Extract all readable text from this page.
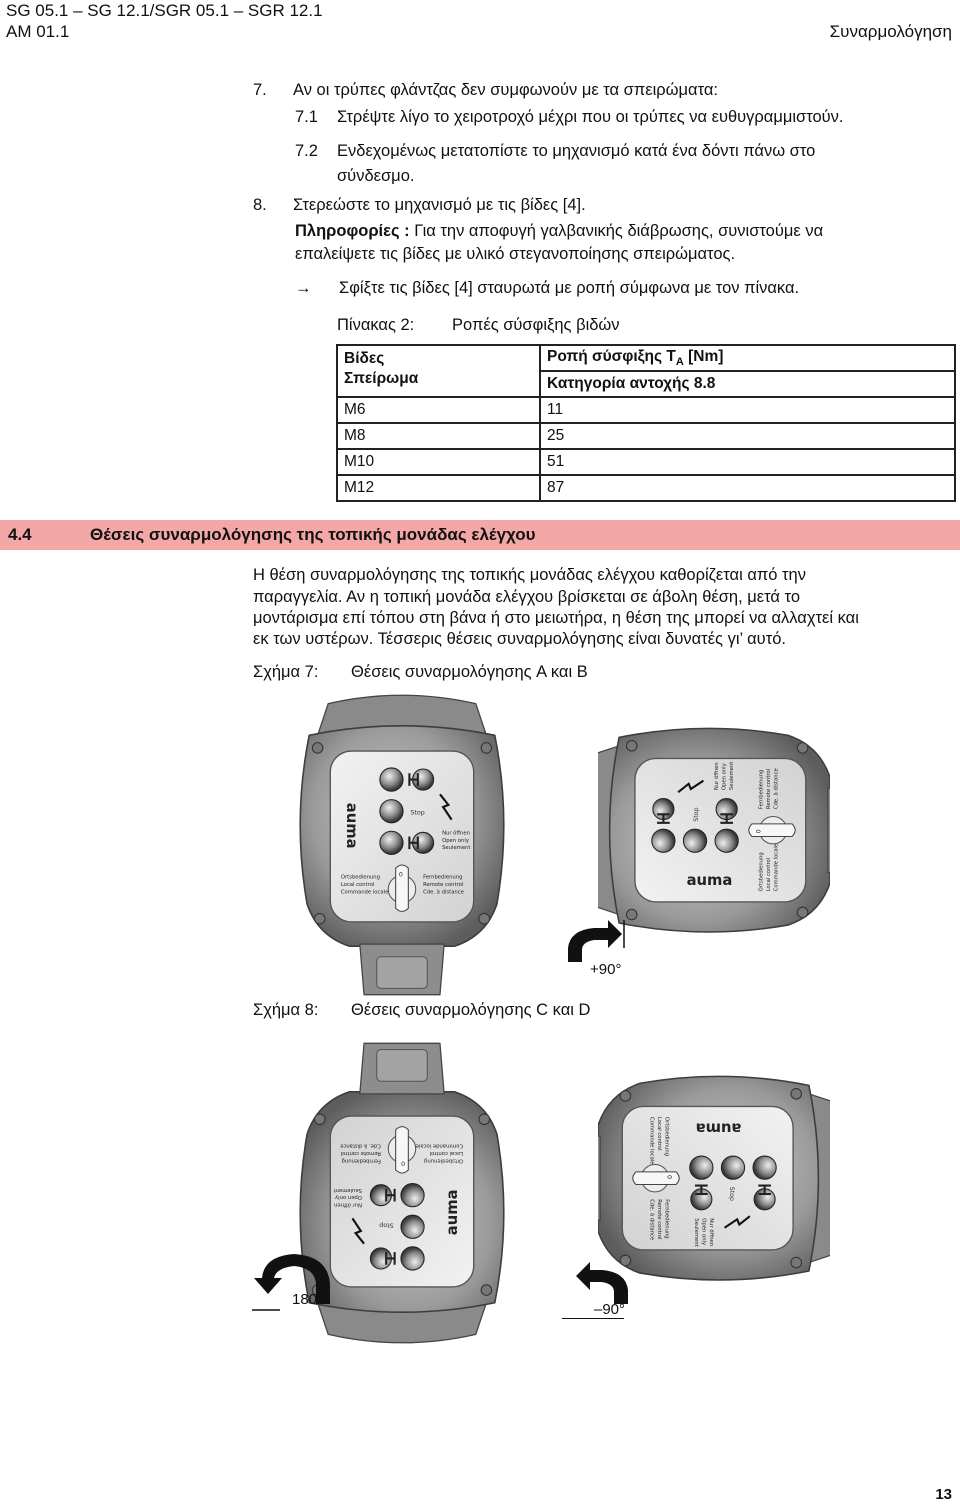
SG 05.1 – SG 12.1/SGR 05.1 – SGR 12.1
AM 01.1	Συναρμολόγηση
7. Αν οι τρύπες φλάντζας δεν συμφωνούν με τα σπειρώματα:
7.1 Στρέψτε λίγο το χειροτροχό μέχρι που οι τρύπες να ευθυγραμμιστούν.
7.2 Ενδεχομένως μετατοπίστε το μηχανισμό κατά ένα δόντι πάνω στο
σύνδεσμο.
8. Στερεώστε το μηχανισμό με τις βίδες [4].
Πληροφορίες : Για την αποφυγή γαλβανικής διάβρωσης, συνιστούμε να
επαλείψετε τις βίδες με υλικό στεγανοποίησης σπειρώματος.
→ Σφίξτε τις βίδες [4] σταυρωτά με ροπή σύμφωνα με τον πίνακα.
Πίνακας 2: Ροπές σύσφιξης βιδών
Βίδες
Σπείρωμα	Ροπή σύσφιξης $T_A$ [Nm]
	Κατηγορία αντοχής 8.8
M6	11
M8	25
M10	51
M12	87
4.4	Θέσεις συναρμολόγησης της τοπικής μονάδας ελέγχου
Η θέση συναρμολόγησης της τοπικής μονάδας ελέγχου καθορίζεται από την
παραγγελία. Αν η τοπική μονάδα ελέγχου βρίσκεται σε άβολη θέση, μετά το
μοντάρισμα επί τόπου στη βάνα ή στο μειωτήρα, η θέση της μπορεί να αλλαχτεί και
εκ των υστέρων. Τέσσερις θέσεις συναρμολόγησης είναι δυνατές γι’ αυτό.
Σχήμα 7: Θέσεις συναρμολόγησης A και B
+90°
Σχήμα 8: Θέσεις συναρμολόγησης C και D
180°
–90°
13
